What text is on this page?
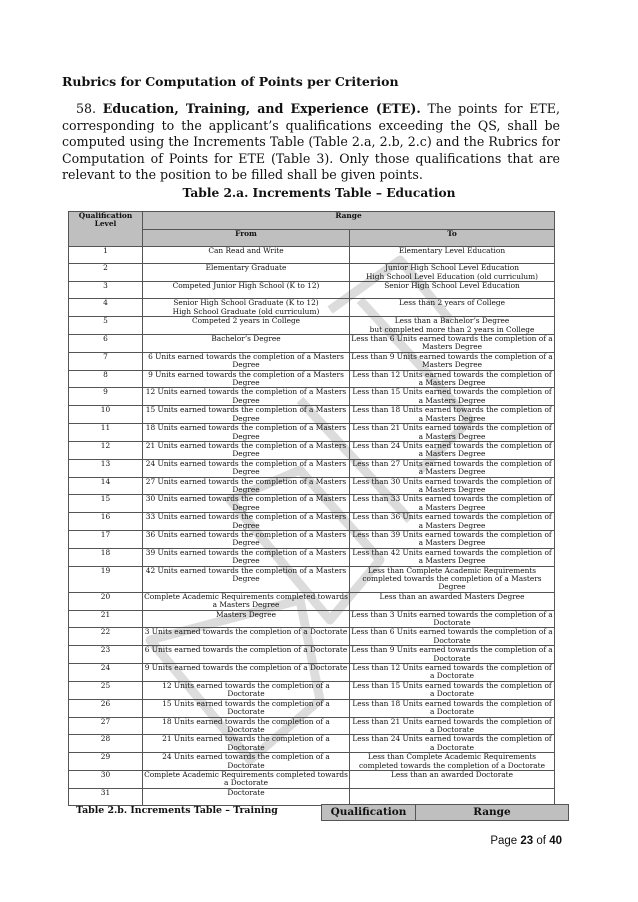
Rubrics for Computation of Points per Criterion

58. Education, Training, and Experience (ETE). The points for ETE, corresponding to the applicant’s qualifications exceeding the QS, shall be computed using the Increments Table (Table 2.a, 2.b, 2.c) and the Rubrics for Computation of Points for ETE (Table 3). Only those qualifications that are relevant to the position to be filled shall be given points.

Table 2.a. Increments Table – Education
Qualification Level	Range	
	From	To
1	Can Read and Write	Elementary Level Education
2	Elementary Graduate	Junior High School Level Education
High School Level Education (old curriculum)
3	Competed Junior High School (K to 12)	Senior High School Level Education
4	Senior High School Graduate (K to 12)
High School Graduate (old curriculum)	Less than 2 years of College
5	Competed 2 years in College	Less than a Bachelor’s Degree
but completed more than 2 years in College
6	Bachelor’s Degree	Less than 6 Units earned towards the completion of a Masters Degree
7	6 Units earned towards the completion of a Masters Degree	Less than 9 Units earned towards the completion of a Masters Degree
8	9 Units earned towards the completion of a Masters Degree	Less than 12 Units earned towards the completion of a Masters Degree
9	12 Units earned towards the completion of a Masters Degree	Less than 15 Units earned towards the completion of a Masters Degree
10	15 Units earned towards the completion of a Masters Degree	Less than 18 Units earned towards the completion of a Masters Degree
11	18 Units earned towards the completion of a Masters Degree	Less than 21 Units earned towards the completion of a Masters Degree
12	21 Units earned towards the completion of a Masters Degree	Less than 24 Units earned towards the completion of a Masters Degree
13	24 Units earned towards the completion of a Masters Degree	Less than 27 Units earned towards the completion of a Masters Degree
14	27 Units earned towards the completion of a Masters Degree	Less than 30 Units earned towards the completion of a Masters Degree
15	30 Units earned towards the completion of a Masters Degree	Less than 33 Units earned towards the completion of a Masters Degree
16	33 Units earned towards the completion of a Masters Degree	Less than 36 Units earned towards the completion of a Masters Degree
17	36 Units earned towards the completion of a Masters Degree	Less than 39 Units earned towards the completion of a Masters Degree
18	39 Units earned towards the completion of a Masters Degree	Less than 42 Units earned towards the completion of a Masters Degree
19	42 Units earned towards the completion of a Masters Degree	Less than Complete Academic Requirements completed towards the completion of a Masters Degree
20	Complete Academic Requirements completed towards a Masters Degree	Less than an awarded Masters Degree
21	Masters Degree	Less than 3 Units earned towards the completion of a Doctorate
22	3 Units earned towards the completion of a Doctorate	Less than 6 Units earned towards the completion of a Doctorate
23	6 Units earned towards the completion of a Doctorate	Less than 9 Units earned towards the completion of a Doctorate
24	9 Units earned towards the completion of a Doctorate	Less than 12 Units earned towards the completion of a Doctorate
25	12 Units earned towards the completion of a Doctorate	Less than 15 Units earned towards the completion of a Doctorate
26	15 Units earned towards the completion of a Doctorate	Less than 18 Units earned towards the completion of a Doctorate
27	18 Units earned towards the completion of a Doctorate	Less than 21 Units earned towards the completion of a Doctorate
28	21 Units earned towards the completion of a Doctorate	Less than 24 Units earned towards the completion of a Doctorate
29	24 Units earned towards the completion of a Doctorate	Less than Complete Academic Requirements completed towards the completion of a Doctorate
30	Complete Academic Requirements completed towards a Doctorate	Less than an awarded Doctorate
31	Doctorate	
Table 2.b. Increments Table – Training	Qualification	Range
Page 23 of 40
